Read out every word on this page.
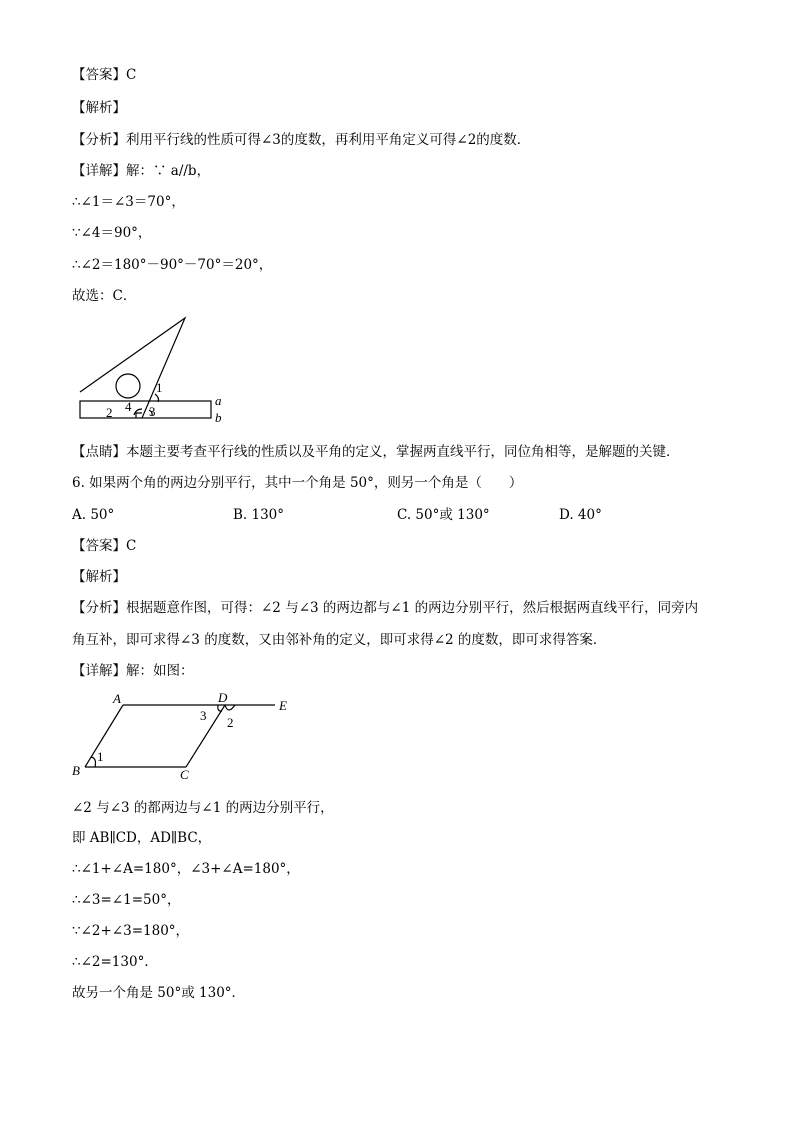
【答案】C
【解析】
【分析】利用平行线的性质可得∠3的度数，再利用平角定义可得∠2的度数．
【详解】解：∵ a//b，
∴∠1＝∠3＝70°，
∵∠4＝90°，
∴∠2＝180°－90°－70°＝20°，
故选：C．
1
2	3
4	a
b
【点睛】本题主要考查平行线的性质以及平角的定义，掌握两直线平行，同位角相等，是解题的关键．
6. 如果两个角的两边分别平行，其中一个角是 50°，则另一个角是（　　）
A. 50°	B. 130°	C. 50°或 130°	D. 40°
【答案】C
【解析】
【分析】根据题意作图，可得：∠2 与∠3 的两边都与∠1 的两边分别平行，然后根据两直线平行，同旁内
角互补，即可求得∠3 的度数，又由邻补角的定义，即可求得∠2 的度数，即可求得答案．
【详解】解：如图：
A
B	C
D
E
1
2
3
∠2 与∠3 的都两边与∠1 的两边分别平行，
即 AB∥CD，AD∥BC，
∴∠1+∠A=180°，∠3+∠A=180°，
∴∠3=∠1=50°，
∵∠2+∠3=180°，
∴∠2=130°．
故另一个角是 50°或 130°．
